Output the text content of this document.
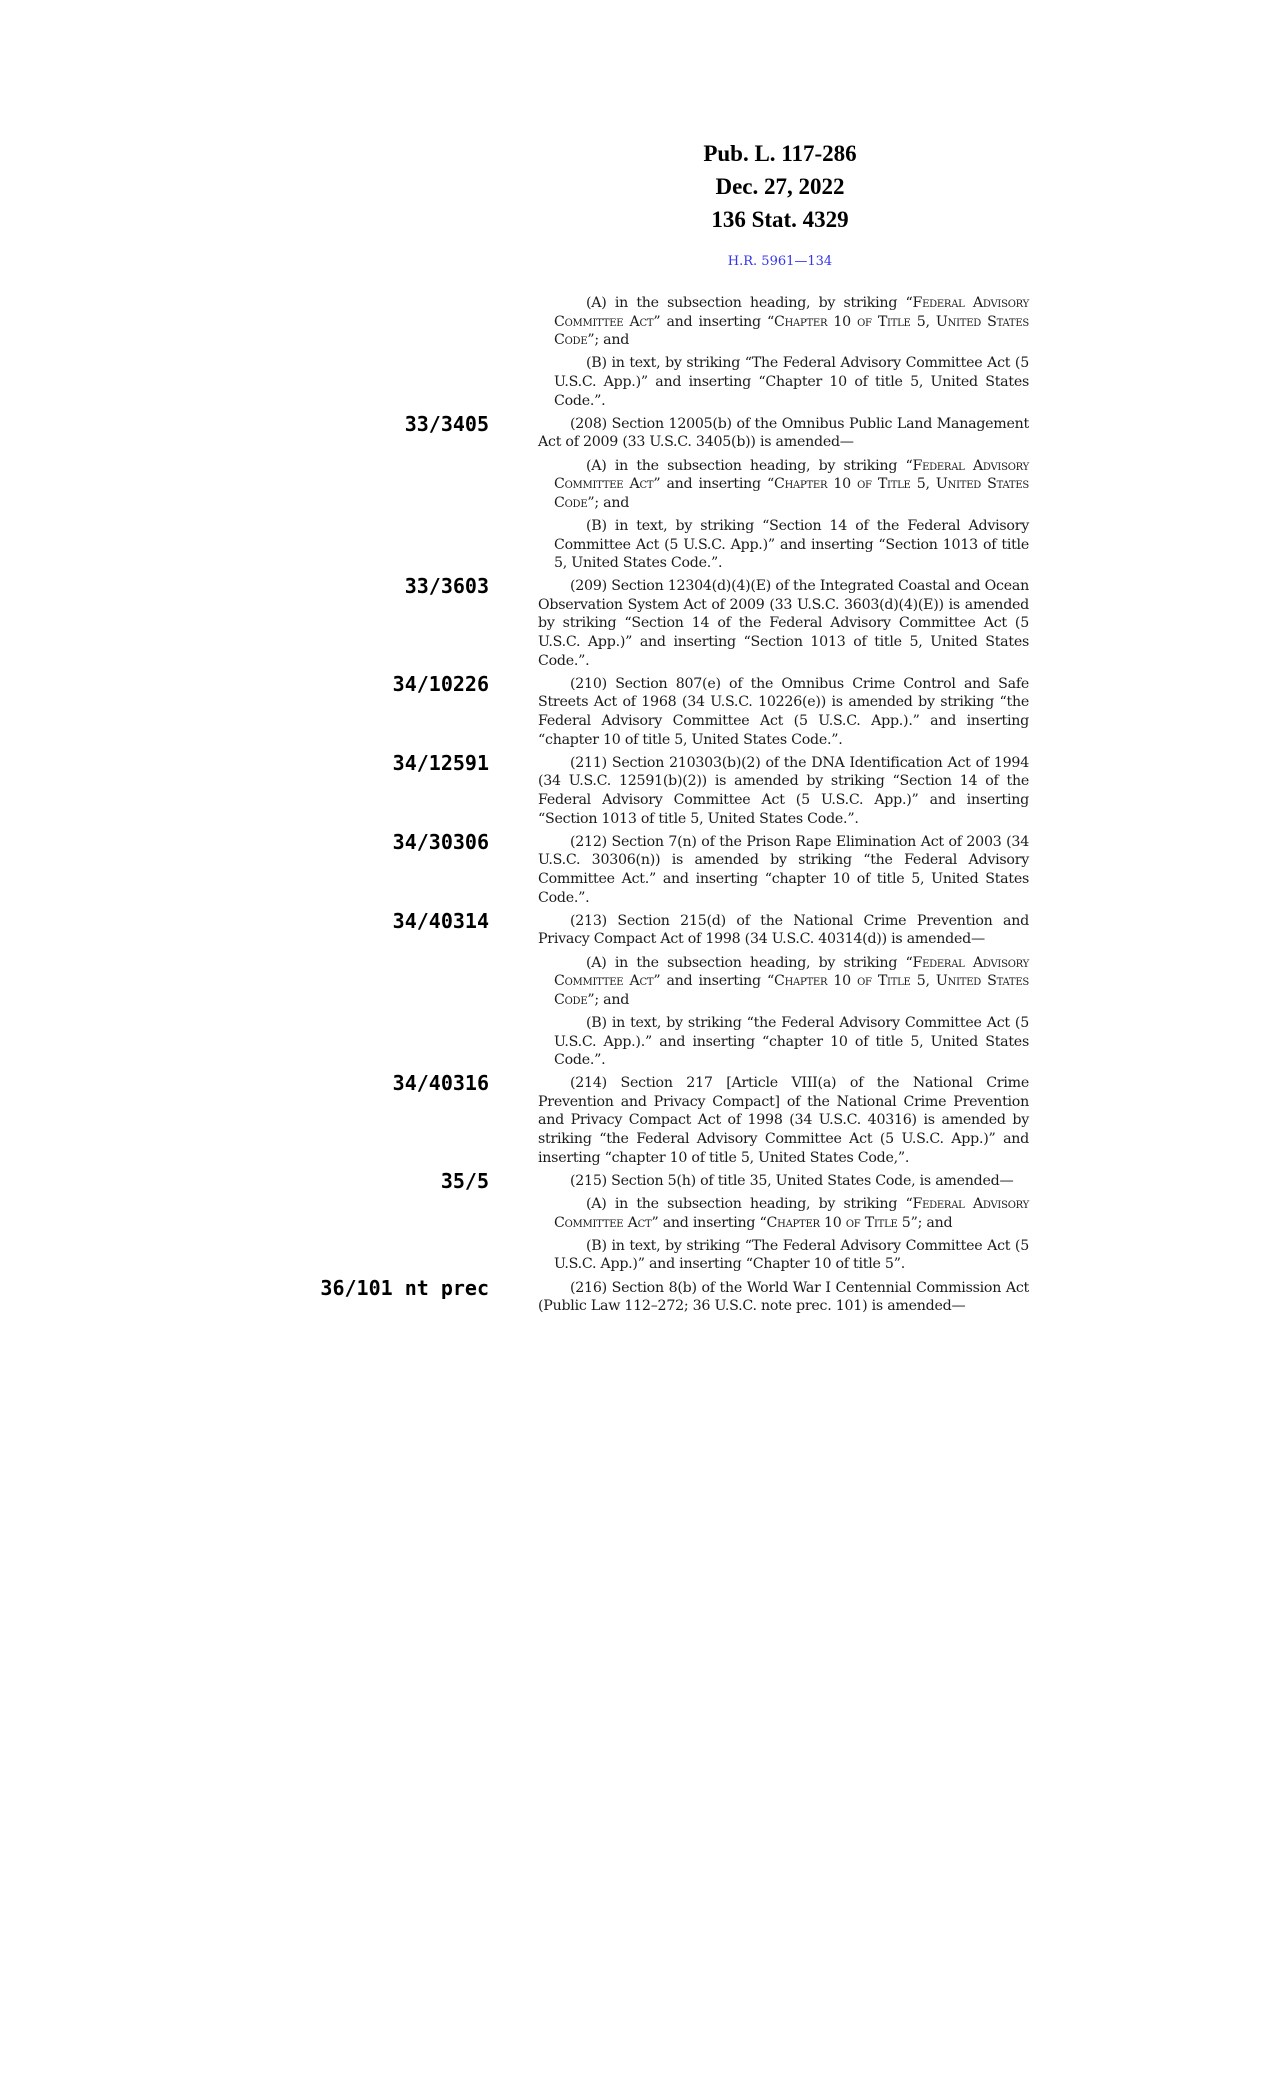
Pub. L. 117-286
Dec. 27, 2022
136 Stat. 4329
H.R. 5961—134

(A) in the subsection heading, by striking “Federal Advisory Committee Act” and inserting “Chapter 10 of Title 5, United States Code”; and

(B) in text, by striking “The Federal Advisory Committee Act (5 U.S.C. App.)” and inserting “Chapter 10 of title 5, United States Code.”.

33/3405	(208) Section 12005(b) of the Omnibus Public Land Management Act of 2009 (33 U.S.C. 3405(b)) is amended—

(A) in the subsection heading, by striking “Federal Advisory Committee Act” and inserting “Chapter 10 of Title 5, United States Code”; and

(B) in text, by striking “Section 14 of the Federal Advisory Committee Act (5 U.S.C. App.)” and inserting “Section 1013 of title 5, United States Code.”.

33/3603	(209) Section 12304(d)(4)(E) of the Integrated Coastal and Ocean Observation System Act of 2009 (33 U.S.C. 3603(d)(4)(E)) is amended by striking “Section 14 of the Federal Advisory Committee Act (5 U.S.C. App.)” and inserting “Section 1013 of title 5, United States Code.”.

34/10226	(210) Section 807(e) of the Omnibus Crime Control and Safe Streets Act of 1968 (34 U.S.C. 10226(e)) is amended by striking “the Federal Advisory Committee Act (5 U.S.C. App.).” and inserting “chapter 10 of title 5, United States Code.”.

34/12591	(211) Section 210303(b)(2) of the DNA Identification Act of 1994 (34 U.S.C. 12591(b)(2)) is amended by striking “Section 14 of the Federal Advisory Committee Act (5 U.S.C. App.)” and inserting “Section 1013 of title 5, United States Code.”.

34/30306	(212) Section 7(n) of the Prison Rape Elimination Act of 2003 (34 U.S.C. 30306(n)) is amended by striking “the Federal Advisory Committee Act.” and inserting “chapter 10 of title 5, United States Code.”.

34/40314	(213) Section 215(d) of the National Crime Prevention and Privacy Compact Act of 1998 (34 U.S.C. 40314(d)) is amended—

(A) in the subsection heading, by striking “Federal Advisory Committee Act” and inserting “Chapter 10 of Title 5, United States Code”; and

(B) in text, by striking “the Federal Advisory Committee Act (5 U.S.C. App.).” and inserting “chapter 10 of title 5, United States Code.”.

34/40316	(214) Section 217 [Article VIII(a) of the National Crime Prevention and Privacy Compact] of the National Crime Prevention and Privacy Compact Act of 1998 (34 U.S.C. 40316) is amended by striking “the Federal Advisory Committee Act (5 U.S.C. App.)” and inserting “chapter 10 of title 5, United States Code,”.

35/5	(215) Section 5(h) of title 35, United States Code, is amended—

(A) in the subsection heading, by striking “Federal Advisory Committee Act” and inserting “Chapter 10 of Title 5”; and

(B) in text, by striking “The Federal Advisory Committee Act (5 U.S.C. App.)” and inserting “Chapter 10 of title 5”.

36/101 nt prec	(216) Section 8(b) of the World War I Centennial Commission Act (Public Law 112–272; 36 U.S.C. note prec. 101) is amended—
